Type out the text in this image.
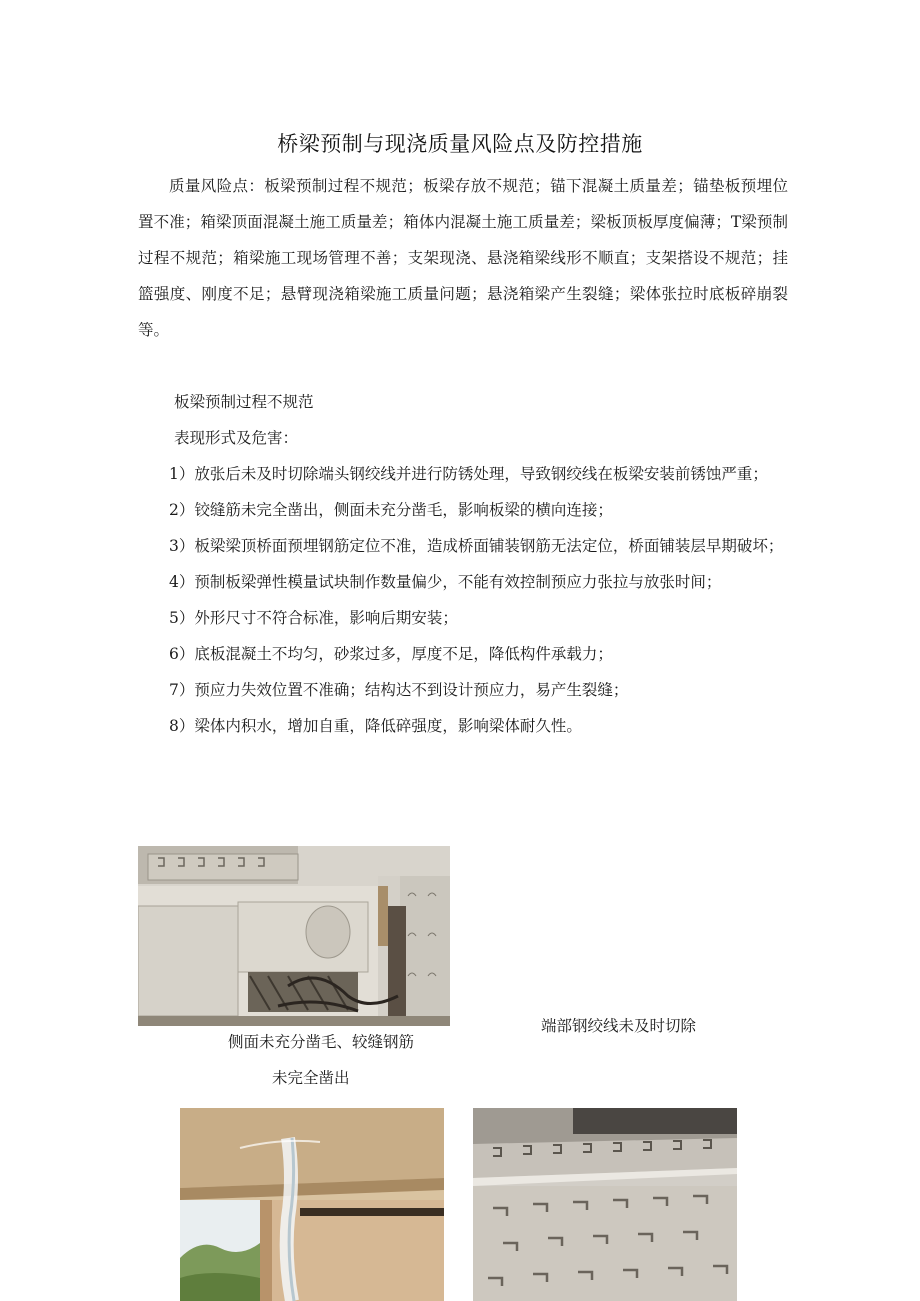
桥梁预制与现浇质量风险点及防控措施

质量风险点：板梁预制过程不规范；板梁存放不规范；锚下混凝土质量差；锚垫板预埋位置不准；箱梁顶面混凝土施工质量差；箱体内混凝土施工质量差；梁板顶板厚度偏薄；T梁预制过程不规范；箱梁施工现场管理不善；支架现浇、悬浇箱梁线形不顺直；支架搭设不规范；挂篮强度、刚度不足；悬臂现浇箱梁施工质量问题；悬浇箱梁产生裂缝；梁体张拉时底板碎崩裂等。

板梁预制过程不规范
表现形式及危害：
1）放张后未及时切除端头钢绞线并进行防锈处理，导致钢绞线在板梁安装前锈蚀严重；
2）铰缝筋未完全凿出，侧面未充分凿毛，影响板梁的横向连接；
3）板梁梁顶桥面预埋钢筋定位不准，造成桥面铺装钢筋无法定位，桥面铺装层早期破坏；
4）预制板梁弹性模量试块制作数量偏少，不能有效控制预应力张拉与放张时间；
5）外形尺寸不符合标准，影响后期安装；
6）底板混凝土不均匀，砂浆过多，厚度不足，降低构件承载力；
7）预应力失效位置不准确；结构达不到设计预应力，易产生裂缝；
8）梁体内积水，增加自重，降低碎强度，影响梁体耐久性。
侧面未充分凿毛、较缝钢筋
未完全凿出
端部钢绞线未及时切除
